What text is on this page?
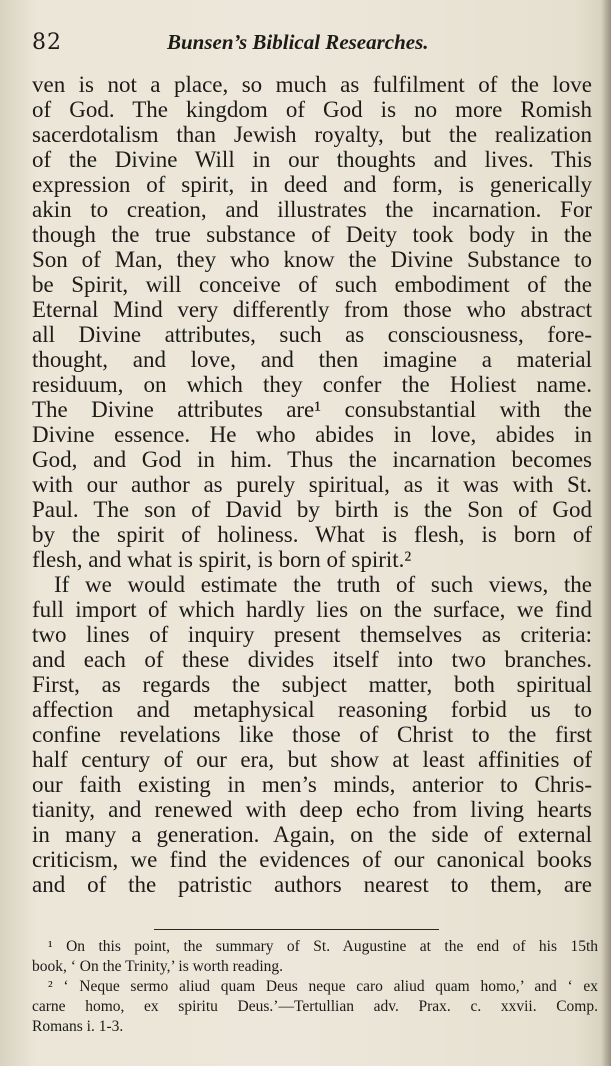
82	Bunsen’s Biblical Researches.
ven is not a place, so much as fulfilment of the love
of God. The kingdom of God is no more Romish
sacerdotalism than Jewish royalty, but the realization
of the Divine Will in our thoughts and lives. This
expression of spirit, in deed and form, is generically
akin to creation, and illustrates the incarnation. For
though the true substance of Deity took body in the
Son of Man, they who know the Divine Substance to
be Spirit, will conceive of such embodiment of the
Eternal Mind very differently from those who abstract
all Divine attributes, such as consciousness, fore-
thought, and love, and then imagine a material
residuum, on which they confer the Holiest name.
The Divine attributes are¹ consubstantial with the
Divine essence. He who abides in love, abides in
God, and God in him. Thus the incarnation becomes
with our author as purely spiritual, as it was with St.
Paul. The son of David by birth is the Son of God
by the spirit of holiness. What is flesh, is born of
flesh, and what is spirit, is born of spirit.²
If we would estimate the truth of such views, the
full import of which hardly lies on the surface, we find
two lines of inquiry present themselves as criteria:
and each of these divides itself into two branches.
First, as regards the subject matter, both spiritual
affection and metaphysical reasoning forbid us to
confine revelations like those of Christ to the first
half century of our era, but show at least affinities of
our faith existing in men’s minds, anterior to Chris-
tianity, and renewed with deep echo from living hearts
in many a generation. Again, on the side of external
criticism, we find the evidences of our canonical books
and of the patristic authors nearest to them, are
¹ On this point, the summary of St. Augustine at the end of his 15th
book, ‘ On the Trinity,’ is worth reading.
² ‘ Neque sermo aliud quam Deus neque caro aliud quam homo,’ and ‘ ex
carne homo, ex spiritu Deus.’—Tertullian adv. Prax. c. xxvii. Comp.
Romans i. 1-3.
